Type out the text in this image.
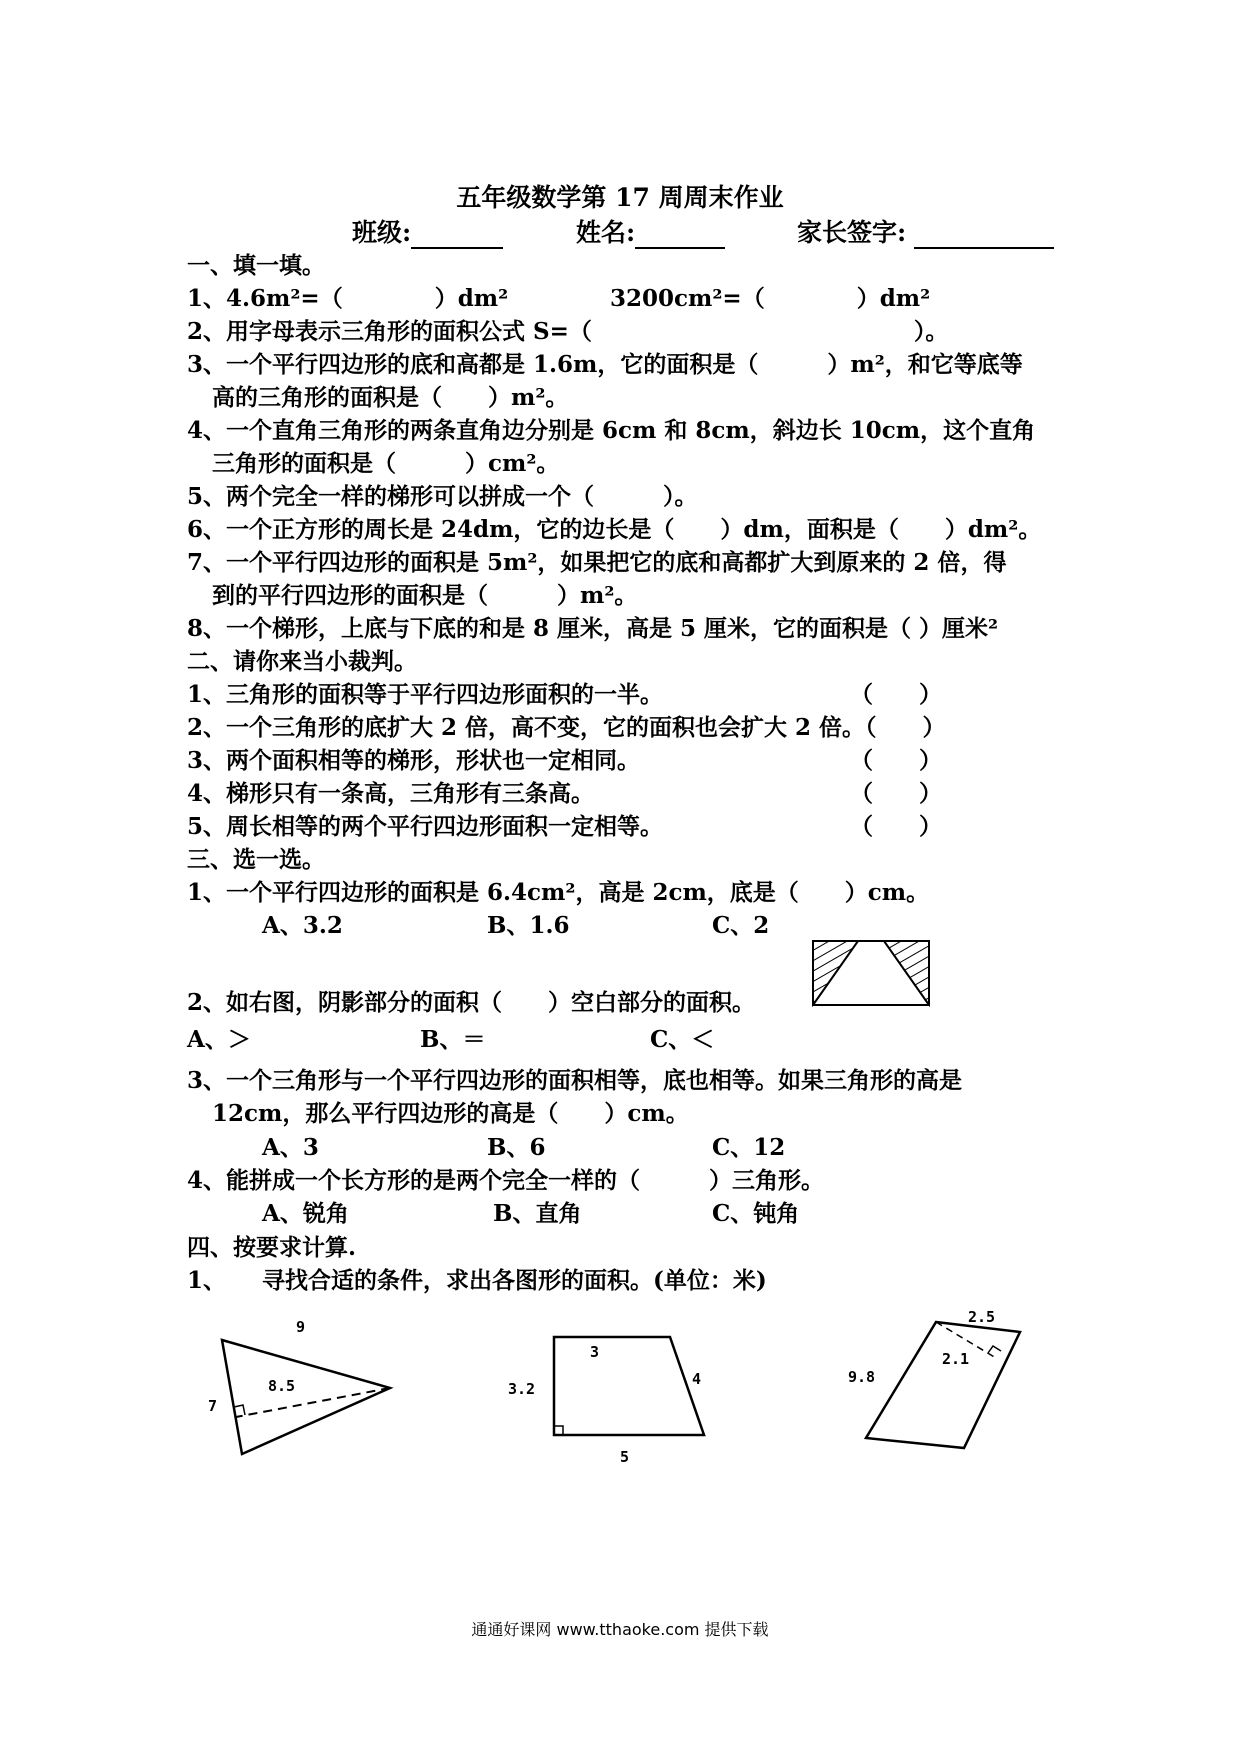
五年级数学第 17 周周末作业
班级:	姓名:	家长签字:
一、填一填。
1、4.6m²=（　　　　）dm²	3200cm²=（　　　　）dm²
2、用字母表示三角形的面积公式 S=（　　　　　　　　　　　　　　）。
3、一个平行四边形的底和高都是 1.6m，它的面积是（　　　）m²，和它等底等
高的三角形的面积是（　　）m²。
4、一个直角三角形的两条直角边分别是 6cm 和 8cm，斜边长 10cm，这个直角
三角形的面积是（　　　）cm²。
5、两个完全一样的梯形可以拼成一个（　　　）。
6、一个正方形的周长是 24dm，它的边长是（　　）dm，面积是（　　）dm²。
7、一个平行四边形的面积是 5m²，如果把它的底和高都扩大到原来的 2 倍，得
到的平行四边形的面积是（　　　）m²。
8、一个梯形，上底与下底的和是 8 厘米，高是 5 厘米，它的面积是（ ）厘米²
二、请你来当小裁判。
1、三角形的面积等于平行四边形面积的一半。	（　　）
2、一个三角形的底扩大 2 倍，高不变，它的面积也会扩大 2 倍。（　　）
3、两个面积相等的梯形，形状也一定相同。	（　　）
4、梯形只有一条高，三角形有三条高。	（　　）
5、周长相等的两个平行四边形面积一定相等。	（　　）
三、选一选。
1、一个平行四边形的面积是 6.4cm²，高是 2cm，底是（　　）cm。
A、3.2	B、1.6	C、2
2、如右图，阴影部分的面积（　　）空白部分的面积。
A、＞	B、＝	C、＜
3、一个三角形与一个平行四边形的面积相等，底也相等。如果三角形的高是
12cm，那么平行四边形的高是（　　）cm。
A、3	B、6	C、12
4、能拼成一个长方形的是两个完全一样的（　　　）三角形。
A、锐角	B、直角	C、钝角
四、按要求计算.
1、 寻找合适的条件，求出各图形的面积。(单位：米)
9
8.5
7
3
3.2
4
5
2.5
2.1
9.8
通通好课网 www.tthaoke.com 提供下载
